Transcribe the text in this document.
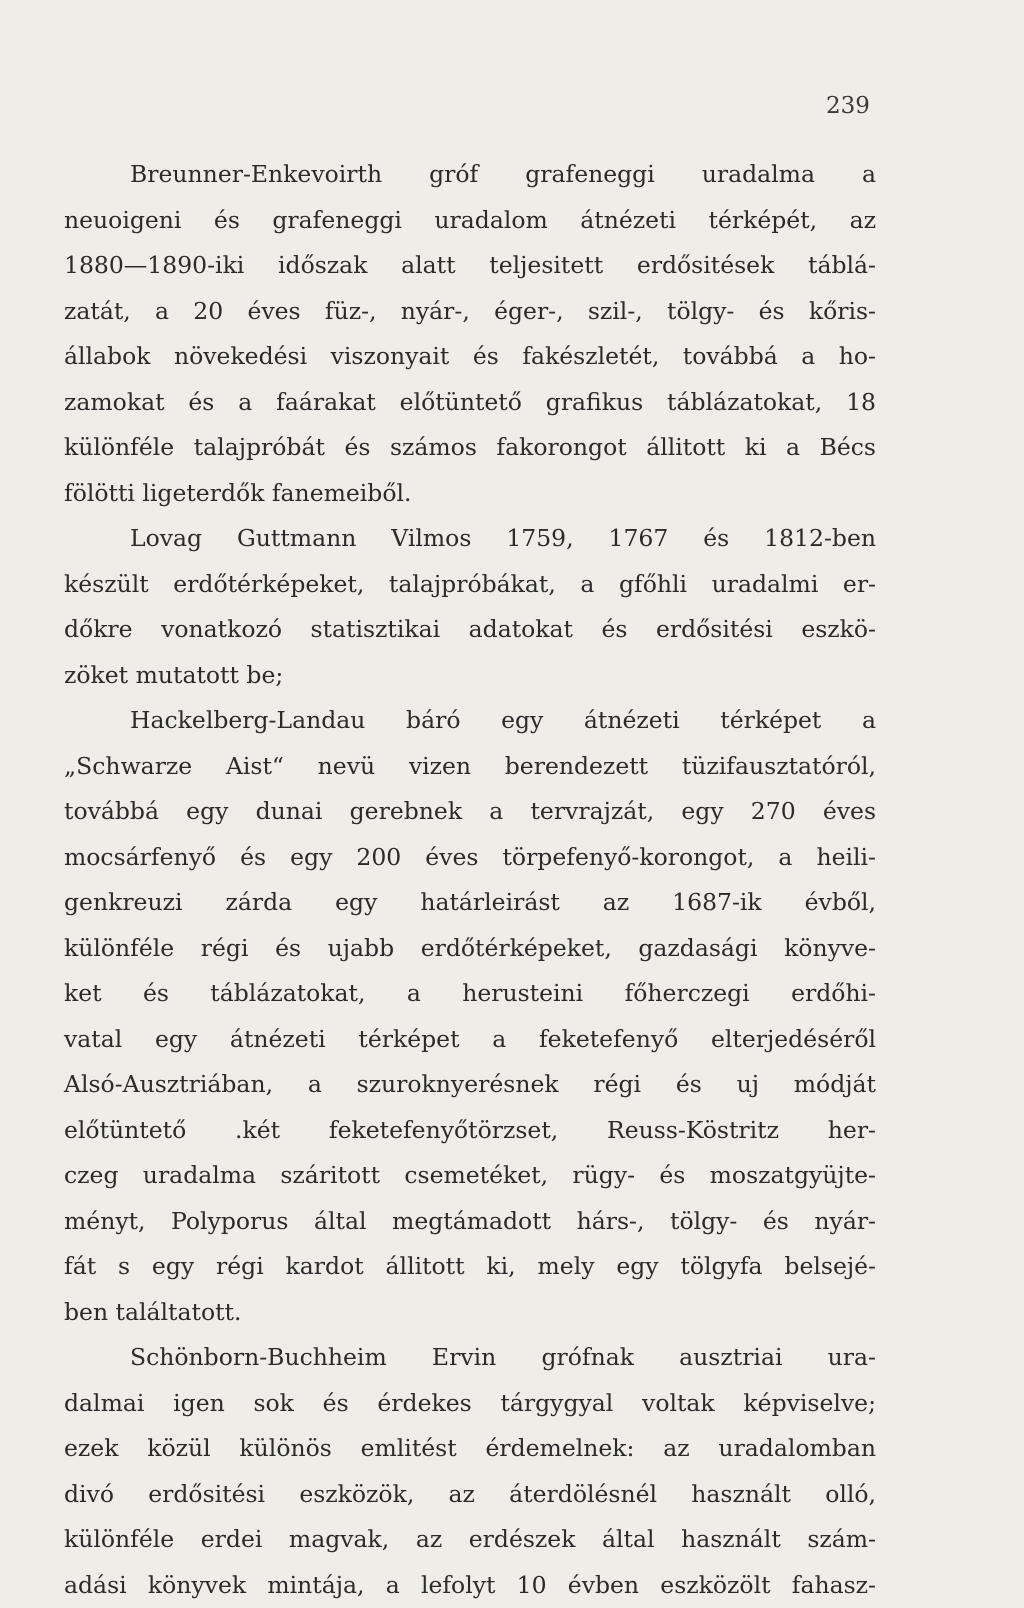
239
Breunner-Enkevoirth gróf grafeneggi uradalma a
neuoigeni és grafeneggi uradalom átnézeti térképét, az
1880—1890-iki időszak alatt teljesitett erdősitések táblá-
zatát, a 20 éves füz-, nyár-, éger-, szil-, tölgy- és kőris-
állabok növekedési viszonyait és fakészletét, továbbá a ho-
zamokat és a faárakat előtüntető grafikus táblázatokat, 18
különféle talajpróbát és számos fakorongot állitott ki a Bécs
fölötti ligeterdők fanemeiből.
Lovag Guttmann Vilmos 1759, 1767 és 1812-ben
készült erdőtérképeket, talajpróbákat, a gfőhli uradalmi er-
dőkre vonatkozó statisztikai adatokat és erdősitési eszkö-
zöket mutatott be;
Hackelberg-Landau báró egy átnézeti térképet a
„Schwarze Aist“ nevü vizen berendezett tüzifausztatóról,
továbbá egy dunai gerebnek a tervrajzát, egy 270 éves
mocsárfenyő és egy 200 éves törpefenyő-korongot, a heili-
genkreuzi zárda egy határleirást az 1687-ik évből,
különféle régi és ujabb erdőtérképeket, gazdasági könyve-
ket és táblázatokat, a herusteini főherczegi erdőhi-
vatal egy átnézeti térképet a feketefenyő elterjedéséről
Alsó-Ausztriában, a szuroknyerésnek régi és uj módját
előtüntető .két feketefenyőtörzset, Reuss-Köstritz her-
czeg uradalma száritott csemetéket, rügy- és moszatgyüjte-
ményt, Polyporus által megtámadott hárs-, tölgy- és nyár-
fát s egy régi kardot állitott ki, mely egy tölgyfa belsejé-
ben találtatott.
Schönborn-Buchheim Ervin grófnak ausztriai ura-
dalmai igen sok és érdekes tárgygyal voltak képviselve;
ezek közül különös emlitést érdemelnek: az uradalomban
divó erdősitési eszközök, az áterdölésnél használt olló,
különféle erdei magvak, az erdészek által használt szám-
adási könyvek mintája, a lefolyt 10 évben eszközölt fahasz-
